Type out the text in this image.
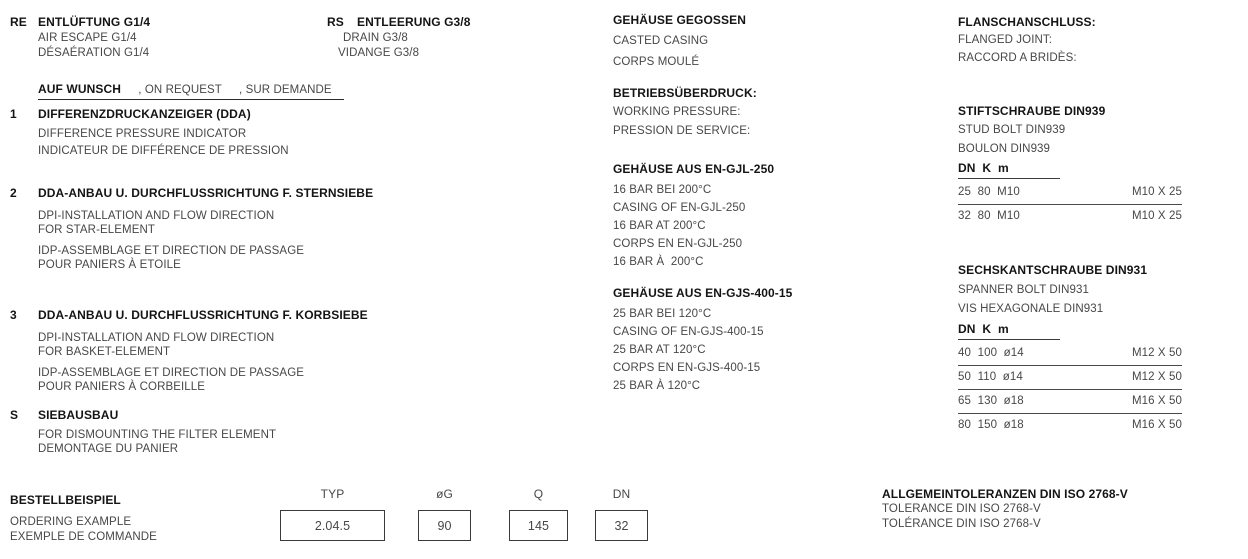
RE ENTLÜFTUNG G1/4
AIR ESCAPE G1/4
DÉSAÉRATION G1/4
RS	ENTLEERUNG G3/8
DRAIN G3/8
VIDANGE G3/8
AUF WUNSCH , ON REQUEST , SUR DEMANDE
1	DIFFERENZDRUCKANZEIGER (DDA)
DIFFERENCE PRESSURE INDICATOR
INDICATEUR DE DIFFÉRENCE DE PRESSION
2	DDA-ANBAU U. DURCHFLUSSRICHTUNG F. STERNSIEBE
DPI-INSTALLATION AND FLOW DIRECTION
FOR STAR-ELEMENT
IDP-ASSEMBLAGE ET DIRECTION DE PASSAGE
POUR PANIERS À ETOILE
3	DDA-ANBAU U. DURCHFLUSSRICHTUNG F. KORBSIEBE
DPI-INSTALLATION AND FLOW DIRECTION
FOR BASKET-ELEMENT
IDP-ASSEMBLAGE ET DIRECTION DE PASSAGE
POUR PANIERS À CORBEILLE
S	SIEBAUSBAU
FOR DISMOUNTING THE FILTER ELEMENT
DEMONTAGE DU PANIER
BESTELLBEISPIEL
ORDERING EXAMPLE
EXEMPLE DE COMMANDE
TYP
2.04.5
øG
90
Q
145
DN
32
GEHÄUSE GEGOSSEN
CASTED CASING
CORPS MOULÉ
BETRIEBSÜBERDRUCK:
WORKING PRESSURE:
PRESSION DE SERVICE:
GEHÄUSE AUS EN-GJL-250
16 BAR BEI 200°C
CASING OF EN-GJL-250
16 BAR AT 200°C
CORPS EN EN-GJL-250
16 BAR À  200°C
GEHÄUSE AUS EN-GJS-400-15
25 BAR BEI 120°C
CASING OF EN-GJS-400-15
25 BAR AT 120°C
CORPS EN EN-GJS-400-15
25 BAR À 120°C
FLANSCHANSCHLUSS:
FLANGED JOINT:
RACCORD A BRIDÈS:
STIFTSCHRAUBE DIN939
STUD BOLT DIN939
BOULON DIN939
DN  K  m
25  80  M10	M10 X 25
32  80  M10	M10 X 25
SECHSKANTSCHRAUBE DIN931
SPANNER BOLT DIN931
VIS HEXAGONALE DIN931
DN  K  m
40  100  ø14	M12 X 50
50  110  ø14	M12 X 50
65  130  ø18	M16 X 50
80  150  ø18	M16 X 50
ALLGEMEINTOLERANZEN DIN ISO 2768-V
TOLERANCE DIN ISO 2768-V
TOLÉRANCE DIN ISO 2768-V
